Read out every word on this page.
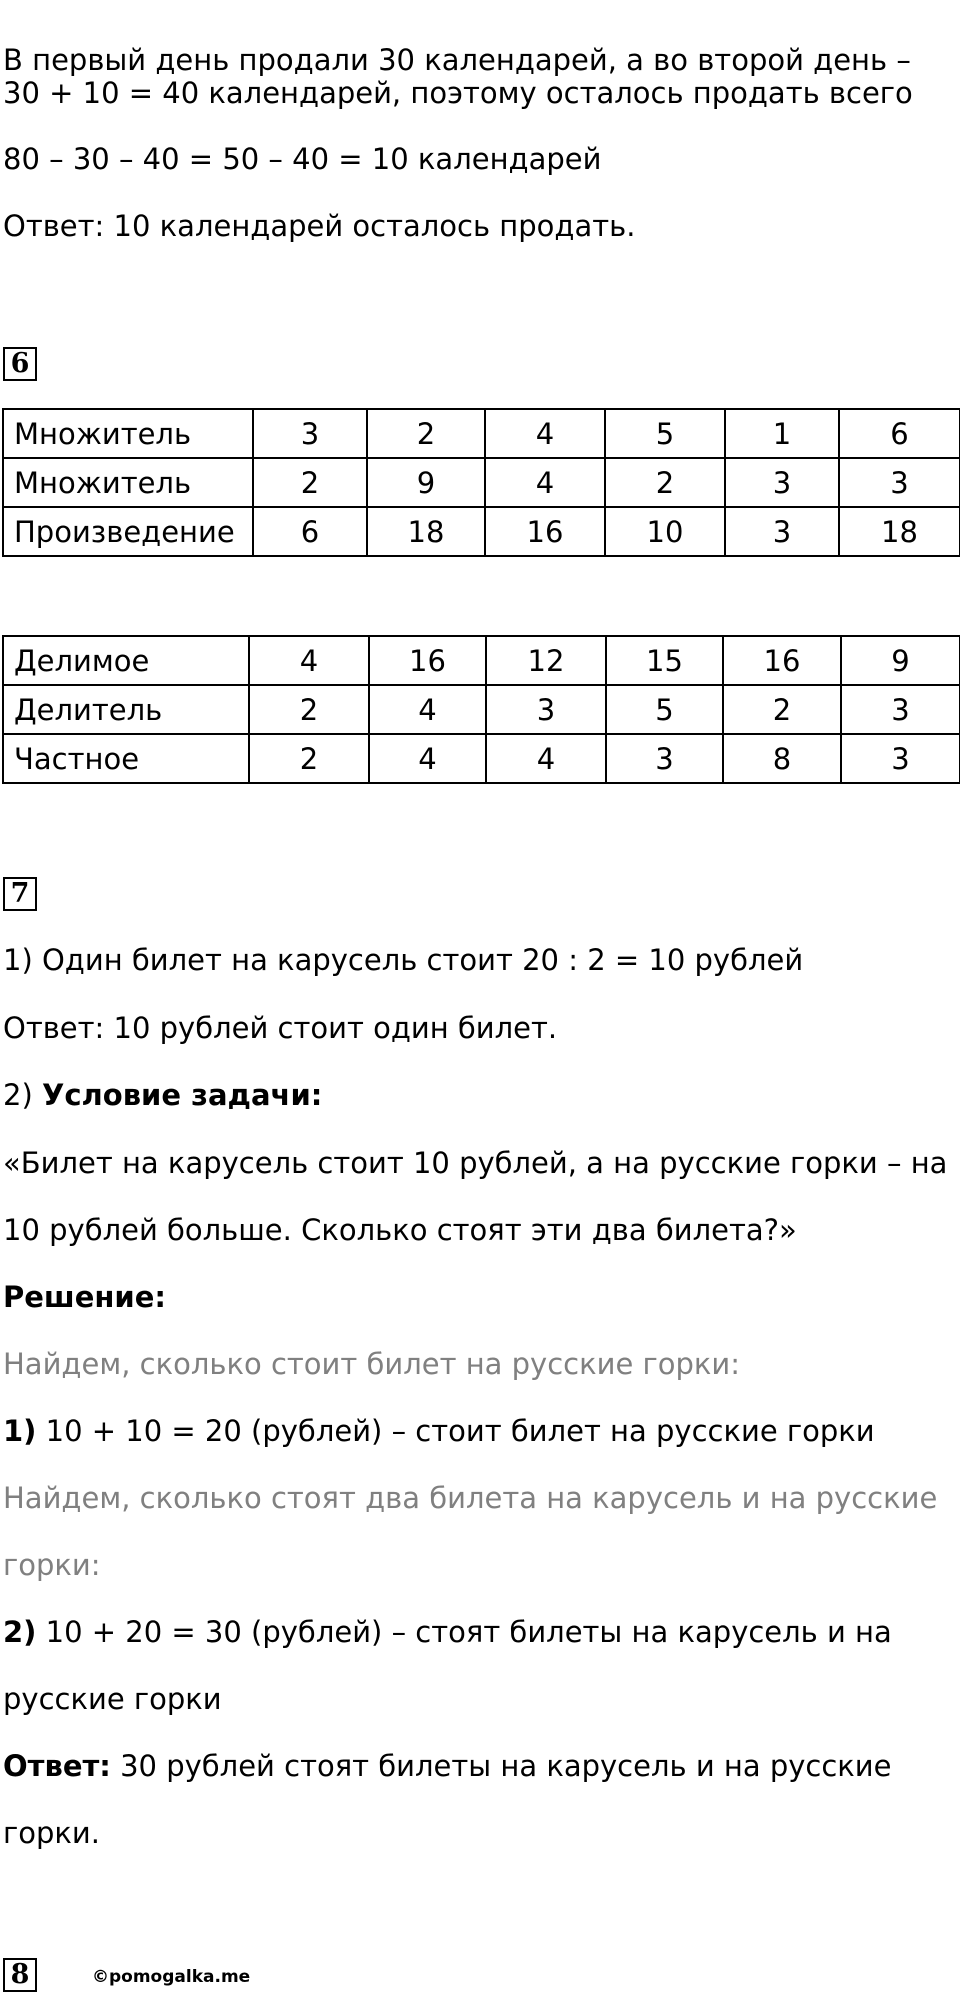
В первый день продали 30 календарей, а во второй день –
30 + 10 = 40 календарей, поэтому осталось продать всего
80 – 30 – 40 = 50 – 40 = 10 календарей
Ответ: 10 календарей осталось продать.
6
Множитель	3	2	4	5	1	6
Множитель	2	9	4	2	3	3
Произведение	6	18	16	10	3	18
Делимое	4	16	12	15	16	9
Делитель	2	4	3	5	2	3
Частное	2	4	4	3	8	3
7
1) Один билет на карусель стоит 20 : 2 = 10 рублей
Ответ: 10 рублей стоит один билет.
2) Условие задачи:
«Билет на карусель стоит 10 рублей, а на русские горки – на
10 рублей больше. Сколько стоят эти два билета?»
Решение:
Найдем, сколько стоит билет на русские горки:
1) 10 + 10 = 20 (рублей) – стоит билет на русские горки
Найдем, сколько стоят два билета на карусель и на русские
горки:
2) 10 + 20 = 30 (рублей) – стоят билеты на карусель и на
русские горки
Ответ: 30 рублей стоят билеты на карусель и на русские
горки.
8	©pomogalka.me
